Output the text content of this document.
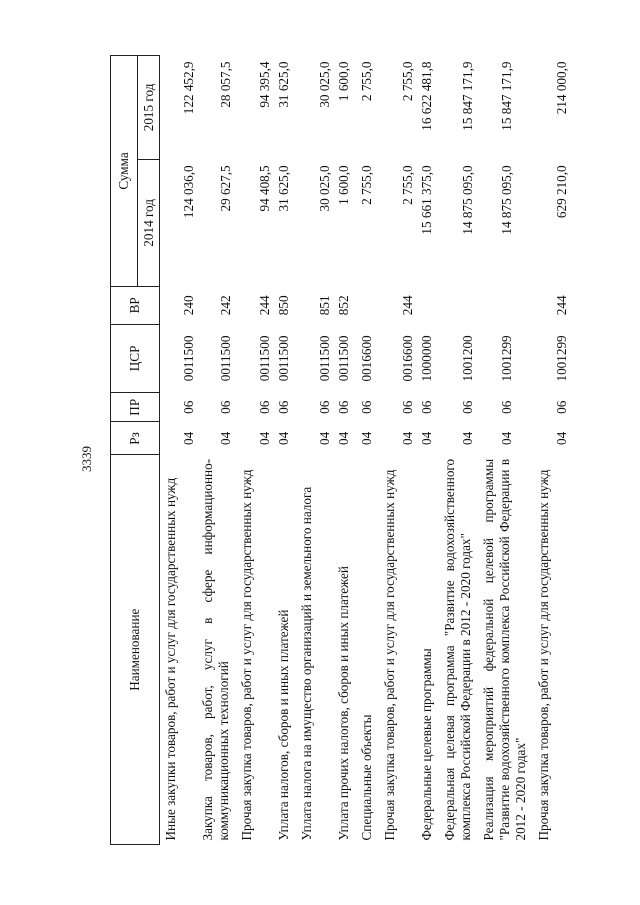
3339
Наименование	Рз	ПР	ЦСР	ВР	Сумма	
					2014 год	2015 год
Иные закупки товаров, работ и услуг для государственных нужд	04	06	0011500	240	124 036,0	122 452,9
Закупка товаров, работ, услуг в сфере информационно-коммуникационных технологий	04	06	0011500	242	29 627,5	28 057,5
Прочая закупка товаров, работ и услуг для государственных нужд	04	06	0011500	244	94 408,5	94 395,4
Уплата налогов, сборов и иных платежей	04	06	0011500	850	31 625,0	31 625,0
Уплата налога на имущество организаций и земельного налога	04	06	0011500	851	30 025,0	30 025,0
Уплата прочих налогов, сборов и иных платежей	04	06	0011500	852	1 600,0	1 600,0
Специальные объекты	04	06	0016600		2 755,0	2 755,0
Прочая закупка товаров, работ и услуг для государственных нужд	04	06	0016600	244	2 755,0	2 755,0
Федеральные целевые программы	04	06	1000000		15 661 375,0	16 622 481,8
Федеральная целевая программа "Развитие водохозяйственного комплекса Российской Федерации в 2012 - 2020 годах"	04	06	1001200		14 875 095,0	15 847 171,9
Реализация мероприятий федеральной целевой программы "Развитие водохозяйственного комплекса Российской Федерации в 2012 - 2020 годах"	04	06	1001299		14 875 095,0	15 847 171,9
Прочая закупка товаров, работ и услуг для государственных нужд	04	06	1001299	244	629 210,0	214 000,0
